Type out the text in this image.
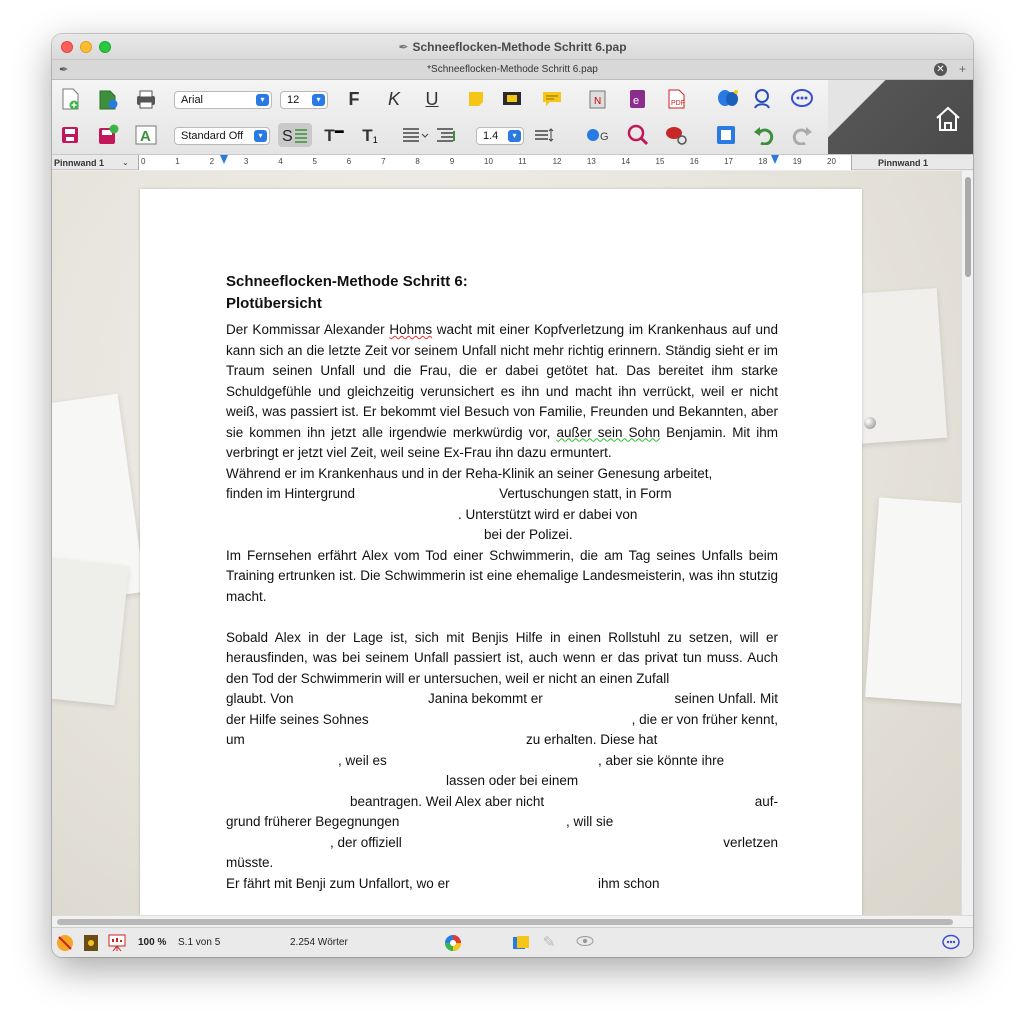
✒ Schneeflocken-Methode Schritt 6.pap
✒	*Schneeflocken-Methode Schritt 6.pap	✕ +
Arial	▾	12	▾	F	K	U	N	e	PDF
A	Standard Off	▾ S T ▬ T 1	1.4	▾	G
Pinnwand 1 ⌄ 0	1	2	3	4	5	6	7	8	9	10	11	12	13	14	15	16	17	18	19	20	Pinnwand 1
Schneeflocken-Methode Schritt 6:
Plotübersicht
Der Kommissar Alexander Hohms wacht mit einer Kopfverletzung im Krankenhaus auf und kann sich an die letzte Zeit vor seinem Unfall nicht mehr richtig erinnern. Ständig sieht er im Traum seinen Unfall und die Frau, die er dabei getötet hat. Das bereitet ihm starke Schuldgefühle und gleichzeitig verunsichert es ihn und macht ihn verrückt, weil er nicht weiß, was passiert ist. Er bekommt viel Besuch von Familie, Freunden und Bekannten, aber sie kommen ihn jetzt alle irgendwie merkwürdig vor, außer sein Sohn Benjamin. Mit ihm verbringt er jetzt viel Zeit, weil seine Ex-Frau ihn dazu ermuntert.
Während er im Krankenhaus und in der Reha-Klinik an seiner Genesung arbeitet,
finden im Hintergrund	Vertuschungen statt, in Form
. Unterstützt wird er dabei von
bei der Polizei.
Im Fernsehen erfährt Alex vom Tod einer Schwimmerin, die am Tag seines Unfalls beim Training ertrunken ist. Die Schwimmerin ist eine ehemalige Landesmeisterin, was ihn stutzig macht.
Sobald Alex in der Lage ist, sich mit Benjis Hilfe in einen Rollstuhl zu setzen, will er herausfinden, was bei seinem Unfall passiert ist, auch wenn er das privat tun muss. Auch den Tod der Schwimmerin will er untersuchen, weil er nicht an einen Zufall
glaubt. Von	Janina bekommt er	seinen Unfall. Mit
der Hilfe seines Sohnes	, die er von früher kennt,
um	zu erhalten. Diese hat
, weil es	, aber sie könnte ihre
lassen oder bei einem
beantragen. Weil Alex aber nicht	auf-
grund früherer Begegnungen	, will sie
, der offiziell	verletzen
müsste.
Er fährt mit Benji zum Unfallort, wo er	ihm schon
100 % S.1 von 5	2.254 Wörter	✎
